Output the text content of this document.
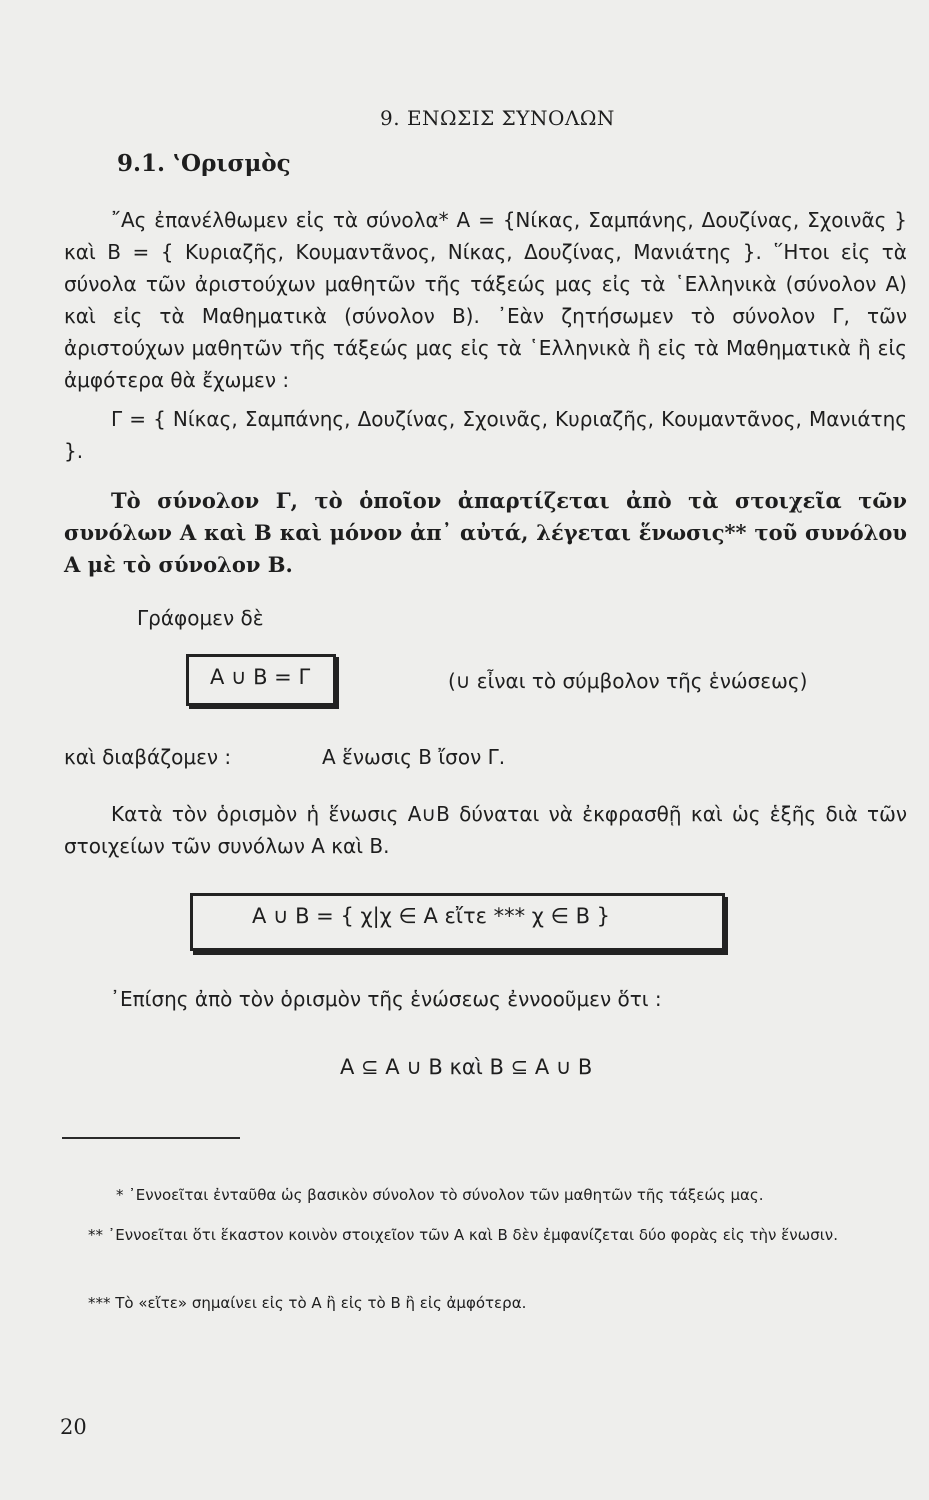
9. ΕΝΩΣΙΣ ΣΥΝΟΛΩΝ
9.1. ‛Ορισμὸς

῎Ας ἐπανέλθωμεν εἰς τὰ σύνολα* Α = {Νίκας, Σαμπάνης, Δουζίνας, Σχοινᾶς } καὶ Β = { Κυριαζῆς, Κουμαντᾶνος, Νίκας, Δουζίνας, Μανιάτης }. ῞Ητοι εἰς τὰ σύνολα τῶν ἀριστούχων μαθητῶν τῆς τάξεώς μας εἰς τὰ ῾Ελληνικὰ (σύνολον Α) καὶ εἰς τὰ Μαθηματικὰ (σύνολον Β). ᾿Εὰν ζητήσωμεν τὸ σύνολον Γ, τῶν ἀριστούχων μαθητῶν τῆς τάξεώς μας εἰς τὰ ῾Ελληνικὰ ἢ εἰς τὰ Μαθηματικὰ ἢ εἰς ἀμφότερα θὰ ἔχωμεν :

Γ = { Νίκας, Σαμπάνης, Δουζίνας, Σχοινᾶς, Κυριαζῆς, Κουμαντᾶνος, Μανιάτης }.

Τὸ σύνολον Γ, τὸ ὁποῖον ἀπαρτίζεται ἀπὸ τὰ στοιχεῖα τῶν συνόλων Α καὶ Β καὶ μόνον ἀπ᾿ αὐτά, λέγεται ἕνωσις** τοῦ συνόλου Α μὲ τὸ σύνολον Β.

Γράφομεν δὲ
Α ∪ Β = Γ	(∪ εἶναι τὸ σύμβολον τῆς ἑνώσεως)
καὶ διαβάζομεν :	Α ἕνωσις Β ἴσον Γ.

Κατὰ τὸν ὁρισμὸν ἡ ἕνωσις Α∪Β δύναται νὰ ἐκφρασθῇ καὶ ὡς ἑξῆς διὰ τῶν στοιχείων τῶν συνόλων Α καὶ Β.

Α ∪ Β = { χ|χ ∈ Α εἴτε *** χ ∈ Β }
᾿Επίσης ἀπὸ τὸν ὁρισμὸν τῆς ἑνώσεως ἐννοοῦμεν ὅτι :
Α ⊆ Α ∪ Β καὶ Β ⊆ Α ∪ Β
* ᾿Εννοεῖται ἐνταῦθα ὡς βασικὸν σύνολον τὸ σύνολον τῶν μαθητῶν τῆς τάξεώς μας.
** ᾿Εννοεῖται ὅτι ἕκαστον κοινὸν στοιχεῖον τῶν Α καὶ Β δὲν ἐμφανίζεται δύο φορὰς εἰς τὴν ἕνωσιν.
*** Τὸ «εἴτε» σημαίνει εἰς τὸ Α ἢ εἰς τὸ Β ἢ εἰς ἀμφότερα.
20
